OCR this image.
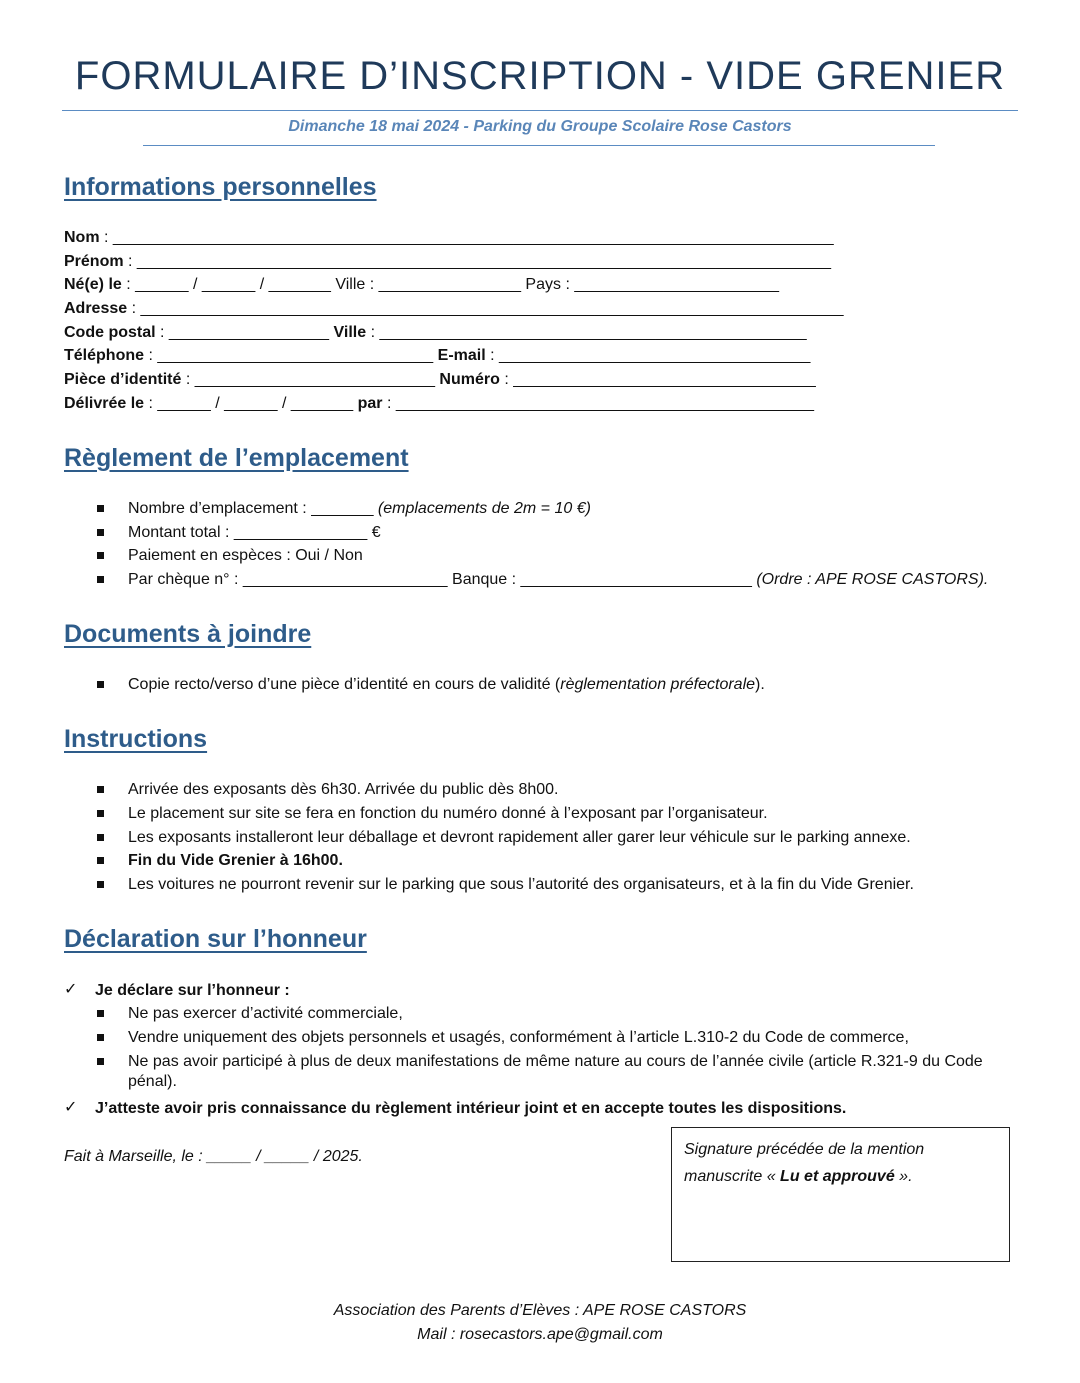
FORMULAIRE D’INSCRIPTION - VIDE GRENIER
Dimanche 18 mai 2024 - Parking du Groupe Scolaire Rose Castors
Informations personnelles
Nom : _________________________________________________________________________________
Prénom : ______________________________________________________________________________
Né(e) le : ______ / ______ / _______ Ville : ________________ Pays : _______________________
Adresse : _______________________________________________________________________________
Code postal : __________________ Ville : ________________________________________________
Téléphone : _______________________________ E-mail : ___________________________________
Pièce d’identité : ___________________________ Numéro : __________________________________
Délivrée le : ______ / ______ / _______ par : _______________________________________________
Règlement de l’emplacement
Nombre d’emplacement : _______ (emplacements de 2m = 10 €)
Montant total : _______________ €
Paiement en espèces : Oui / Non
Par chèque n° : _______________________ Banque : __________________________ (Ordre : APE ROSE CASTORS).
Documents à joindre
Copie recto/verso d’une pièce d’identité en cours de validité (règlementation préfectorale).
Instructions
Arrivée des exposants dès 6h30. Arrivée du public dès 8h00.
Le placement sur site se fera en fonction du numéro donné à l’exposant par l’organisateur.
Les exposants installeront leur déballage et devront rapidement aller garer leur véhicule sur le parking annexe.
Fin du Vide Grenier à 16h00.
Les voitures ne pourront revenir sur le parking que sous l’autorité des organisateurs, et à la fin du Vide Grenier.
Déclaration sur l’honneur
✓ Je déclare sur l’honneur :
Ne pas exercer d’activité commerciale,
Vendre uniquement des objets personnels et usagés, conformément à l’article L.310-2 du Code de commerce,
Ne pas avoir participé à plus de deux manifestations de même nature au cours de l’année civile (article R.321-9 du Code pénal).
✓ J’atteste avoir pris connaissance du règlement intérieur joint et en accepte toutes les dispositions.
Fait à Marseille, le : _____ / _____ / 2025.	Signature précédée de la mention
manuscrite « Lu et approuvé ».
Association des Parents d’Elèves : APE ROSE CASTORS
Mail : rosecastors.ape@gmail.com
